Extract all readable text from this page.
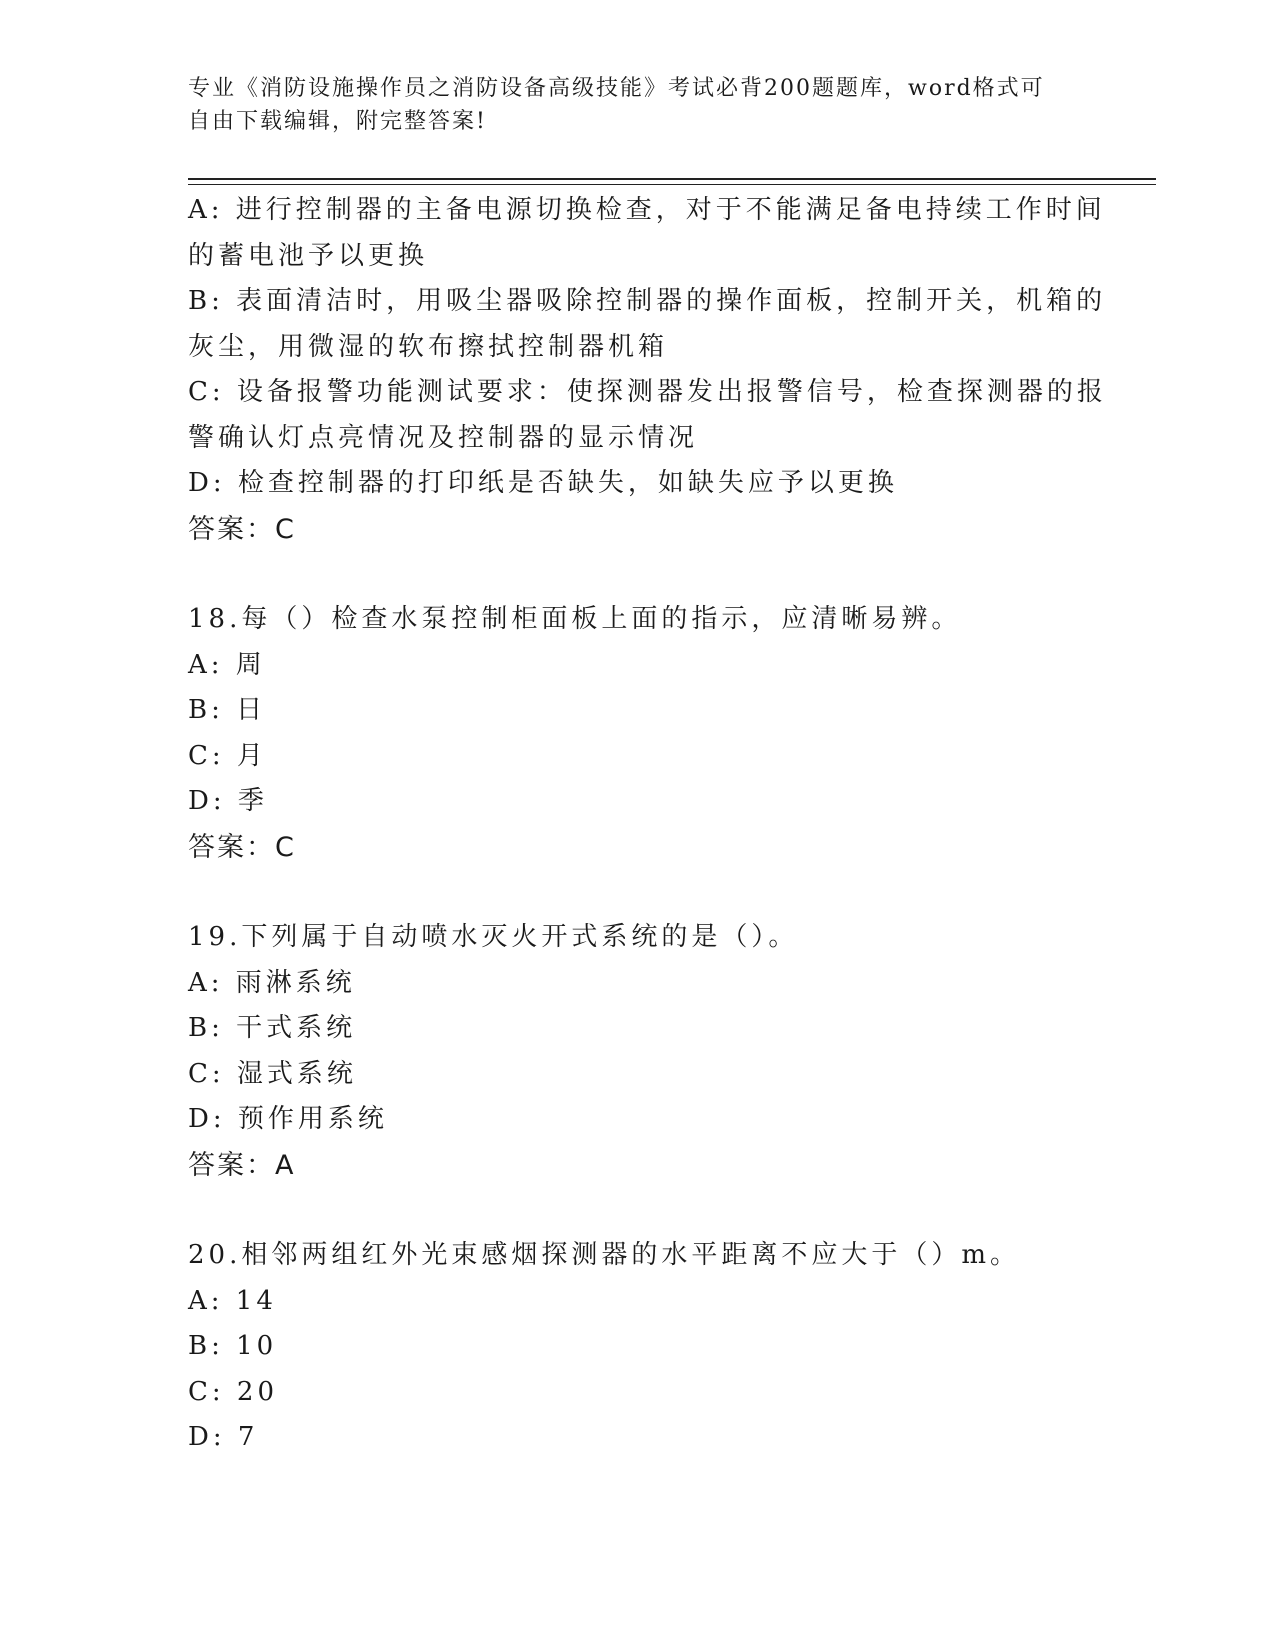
专业《消防设施操作员之消防设备高级技能》考试必背200题题库，word格式可
自由下载编辑，附完整答案!
A: 进行控制器的主备电源切换检查，对于不能满足备电持续工作时间
的蓄电池予以更换
B: 表面清洁时，用吸尘器吸除控制器的操作面板，控制开关，机箱的
灰尘，用微湿的软布擦拭控制器机箱
C: 设备报警功能测试要求：使探测器发出报警信号，检查探测器的报
警确认灯点亮情况及控制器的显示情况
D: 检查控制器的打印纸是否缺失，如缺失应予以更换
答案：C
18.每（）检查水泵控制柜面板上面的指示，应清晰易辨。
A: 周
B: 日
C: 月
D: 季
答案：C
19.下列属于自动喷水灭火开式系统的是（）。
A: 雨淋系统
B: 干式系统
C: 湿式系统
D: 预作用系统
答案：A
20.相邻两组红外光束感烟探测器的水平距离不应大于（）m。
A: 14
B: 10
C: 20
D: 7
